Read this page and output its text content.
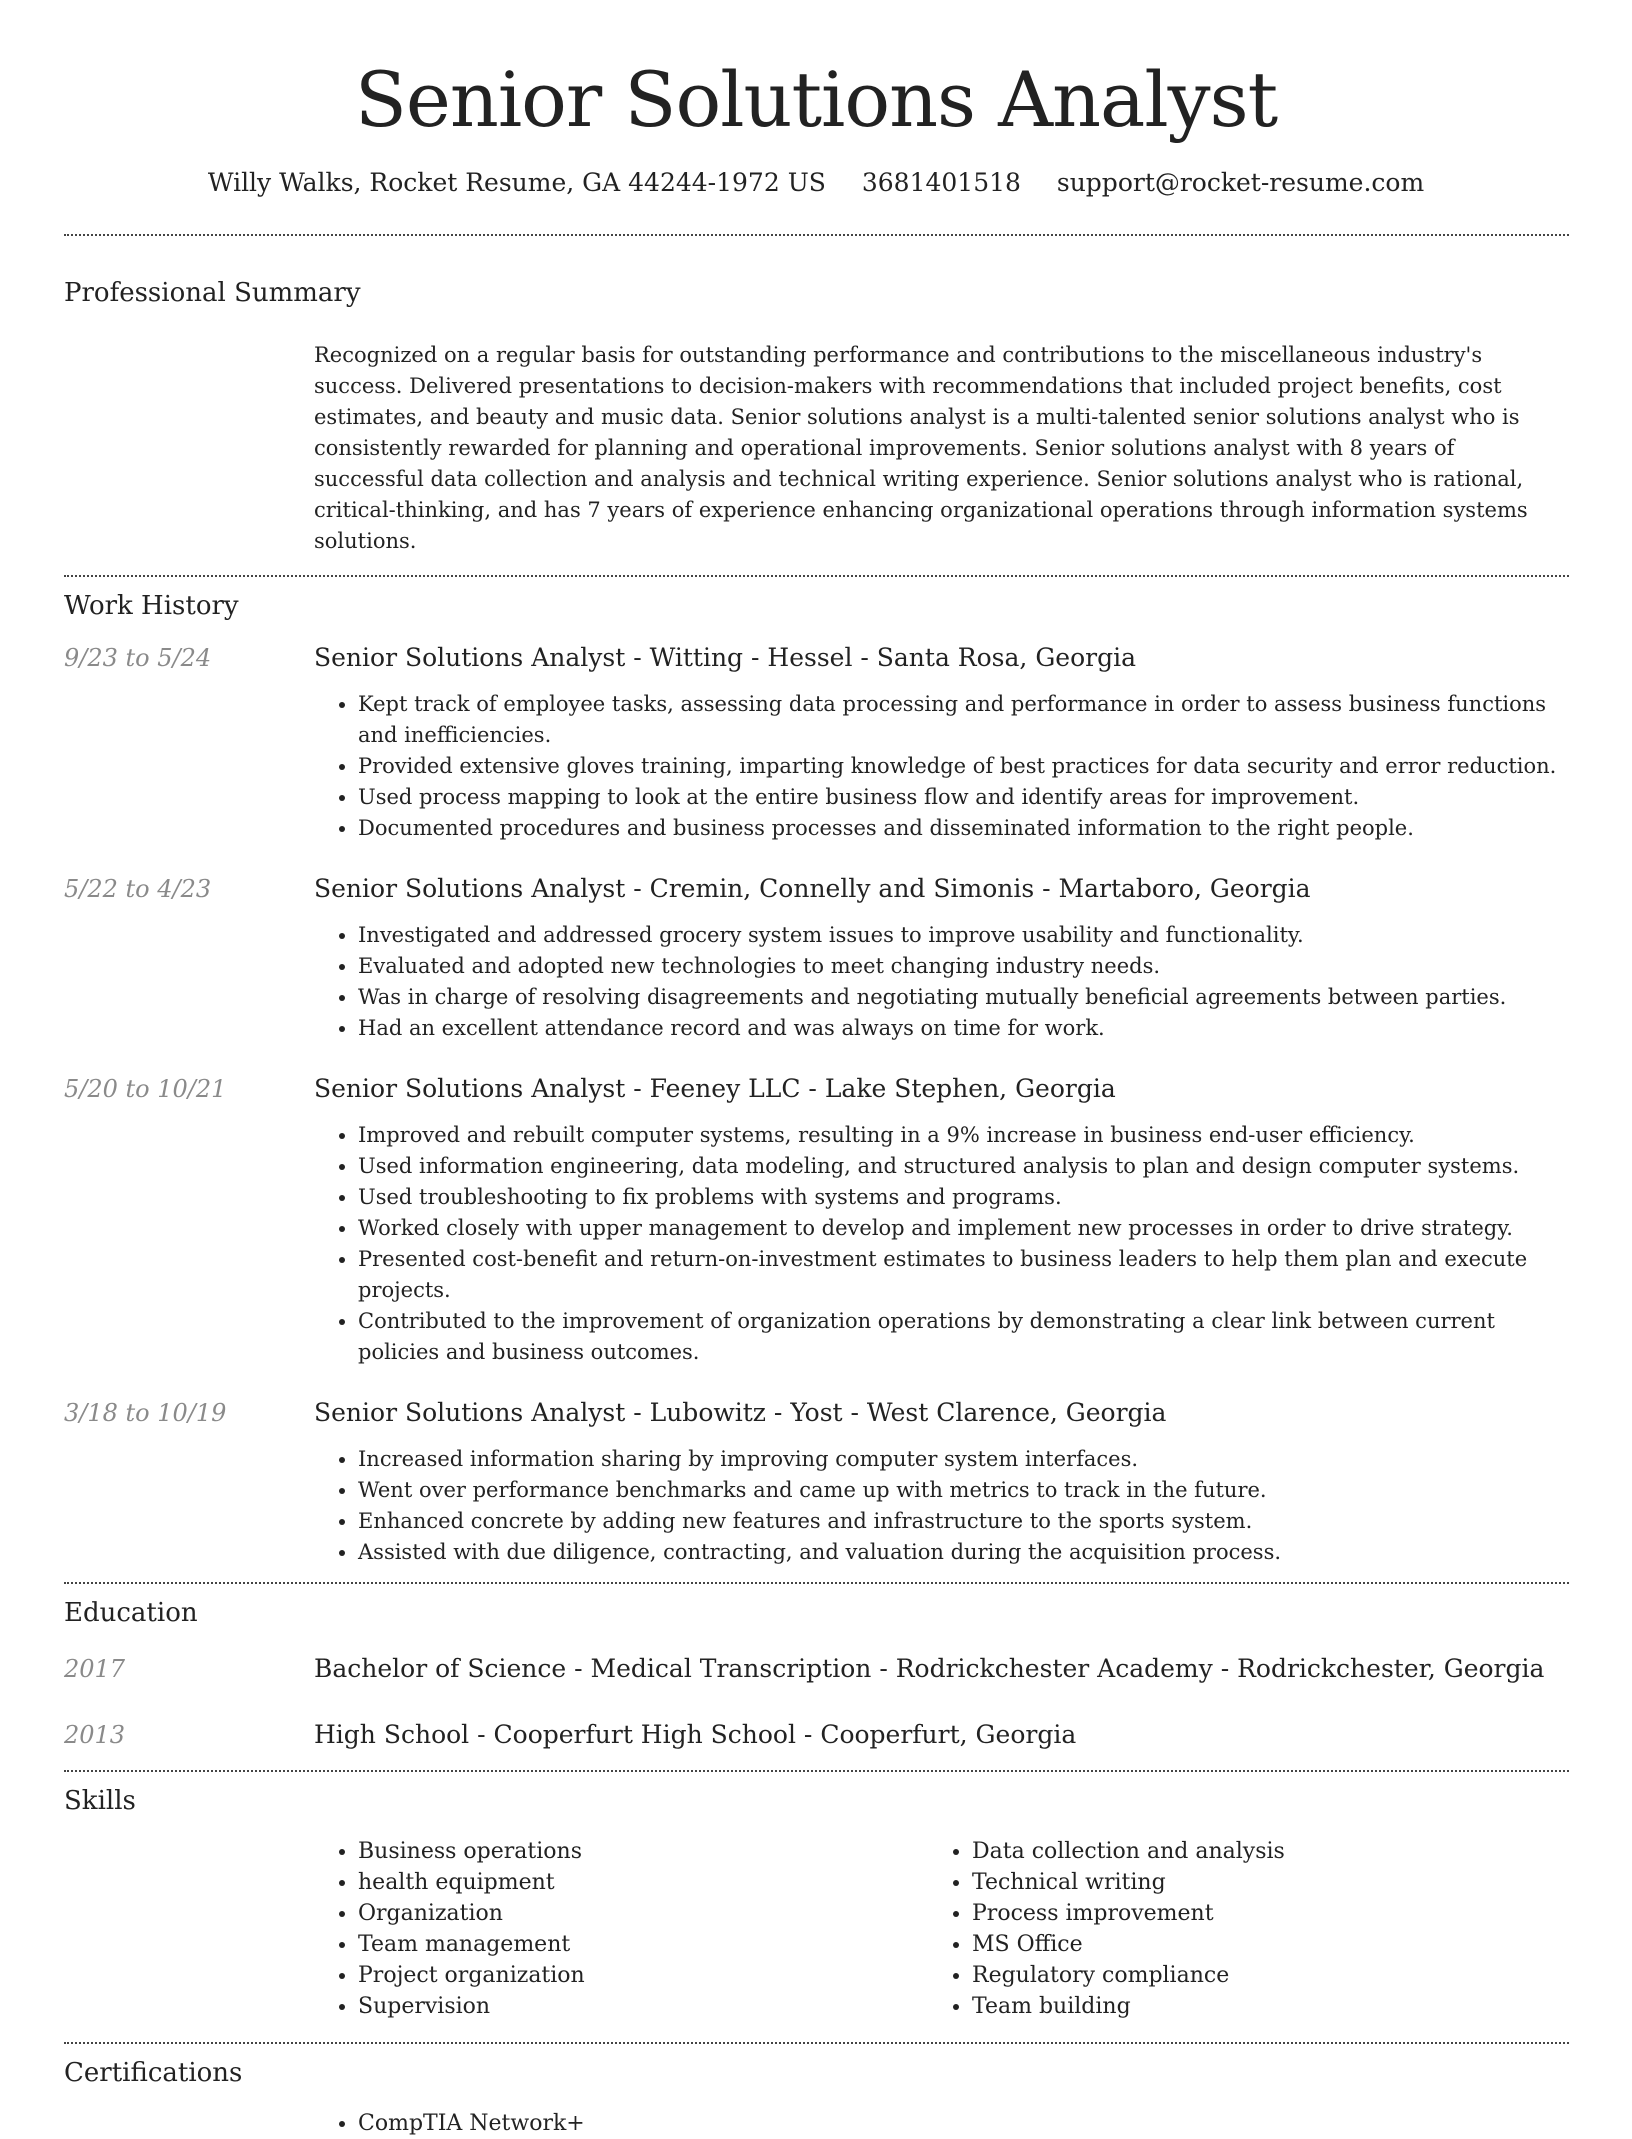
Senior Solutions Analyst
Willy Walks, Rocket Resume, GA 44244-1972 US 3681401518 support@rocket-resume.com
Professional Summary
Recognized on a regular basis for outstanding performance and contributions to the miscellaneous industry's success. Delivered presentations to decision-makers with recommendations that included project benefits, cost estimates, and beauty and music data. Senior solutions analyst is a multi-talented senior solutions analyst who is consistently rewarded for planning and operational improvements. Senior solutions analyst with 8 years of successful data collection and analysis and technical writing experience. Senior solutions analyst who is rational, critical-thinking, and has 7 years of experience enhancing organizational operations through information systems solutions.
Work History
9/23 to 5/24	Senior Solutions Analyst - Witting - Hessel - Santa Rosa, Georgia
• Kept track of employee tasks, assessing data processing and performance in order to assess business functions and inefficiencies.
• Provided extensive gloves training, imparting knowledge of best practices for data security and error reduction.
• Used process mapping to look at the entire business flow and identify areas for improvement.
• Documented procedures and business processes and disseminated information to the right people.
5/22 to 4/23	Senior Solutions Analyst - Cremin, Connelly and Simonis - Martaboro, Georgia
• Investigated and addressed grocery system issues to improve usability and functionality.
• Evaluated and adopted new technologies to meet changing industry needs.
• Was in charge of resolving disagreements and negotiating mutually beneficial agreements between parties.
• Had an excellent attendance record and was always on time for work.
5/20 to 10/21	Senior Solutions Analyst - Feeney LLC - Lake Stephen, Georgia
• Improved and rebuilt computer systems, resulting in a 9% increase in business end-user efficiency.
• Used information engineering, data modeling, and structured analysis to plan and design computer systems.
• Used troubleshooting to fix problems with systems and programs.
• Worked closely with upper management to develop and implement new processes in order to drive strategy.
• Presented cost-benefit and return-on-investment estimates to business leaders to help them plan and execute projects.
• Contributed to the improvement of organization operations by demonstrating a clear link between current policies and business outcomes.
3/18 to 10/19	Senior Solutions Analyst - Lubowitz - Yost - West Clarence, Georgia
• Increased information sharing by improving computer system interfaces.
• Went over performance benchmarks and came up with metrics to track in the future.
• Enhanced concrete by adding new features and infrastructure to the sports system.
• Assisted with due diligence, contracting, and valuation during the acquisition process.
Education
2017	Bachelor of Science - Medical Transcription - Rodrickchester Academy - Rodrickchester, Georgia
2013	High School - Cooperfurt High School - Cooperfurt, Georgia
Skills
• Business operations
• health equipment
• Organization
• Team management
• Project organization
• Supervision
• Data collection and analysis
• Technical writing
• Process improvement
• MS Office
• Regulatory compliance
• Team building
Certifications
• CompTIA Network+
